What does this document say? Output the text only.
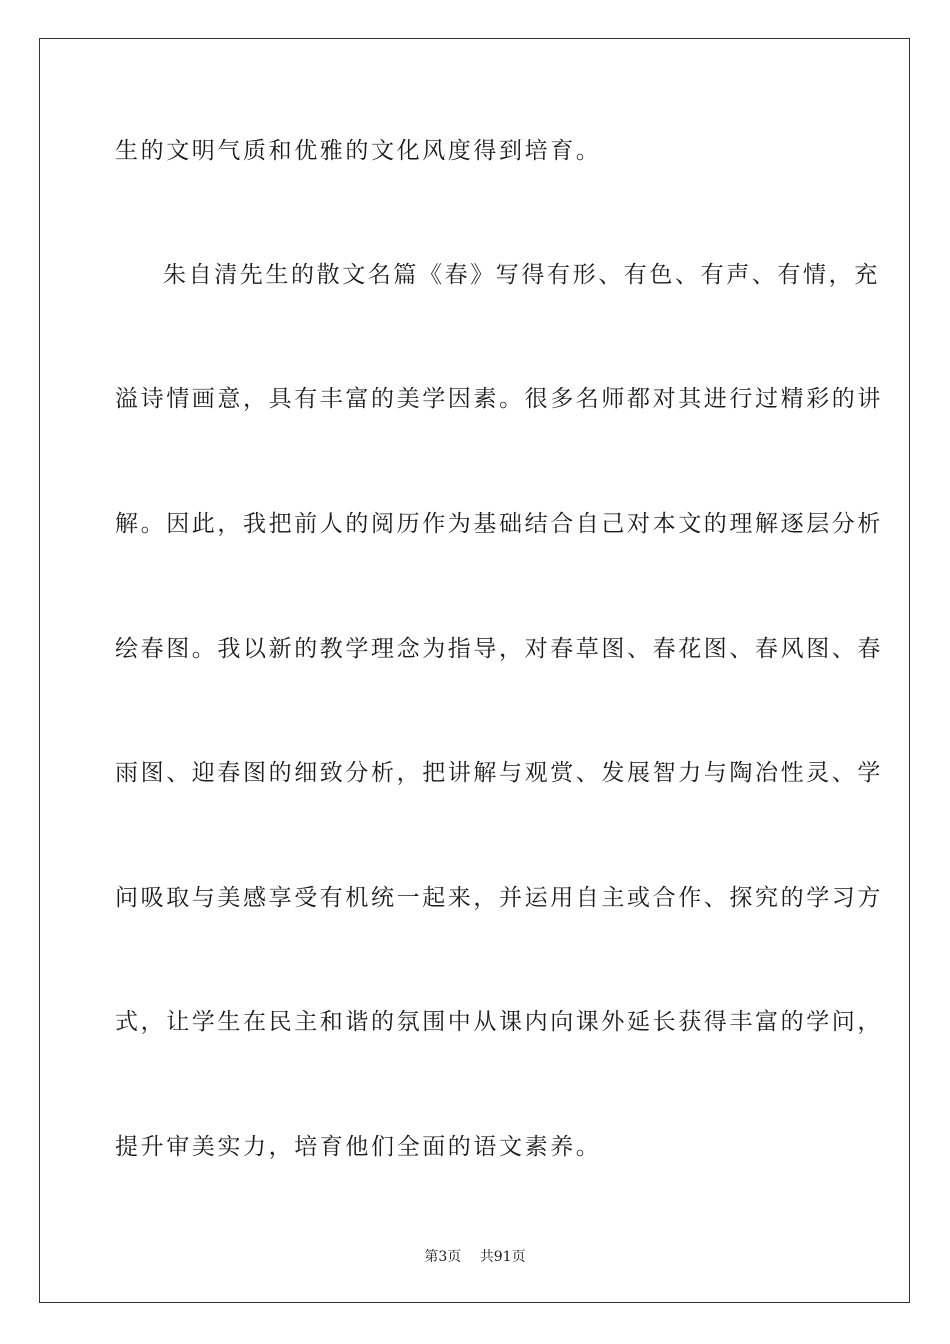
生的文明气质和优雅的文化风度得到培育。
朱自清先生的散文名篇《春》写得有形、有色、有声、有情，充
溢诗情画意，具有丰富的美学因素。很多名师都对其进行过精彩的讲
解。因此，我把前人的阅历作为基础结合自己对本文的理解逐层分析
绘春图。我以新的教学理念为指导，对春草图、春花图、春风图、春
雨图、迎春图的细致分析，把讲解与观赏、发展智力与陶冶性灵、学
问吸取与美感享受有机统一起来，并运用自主或合作、探究的学习方
式，让学生在民主和谐的氛围中从课内向课外延长获得丰富的学问，
提升审美实力，培育他们全面的语文素养。
第3页 共91页
